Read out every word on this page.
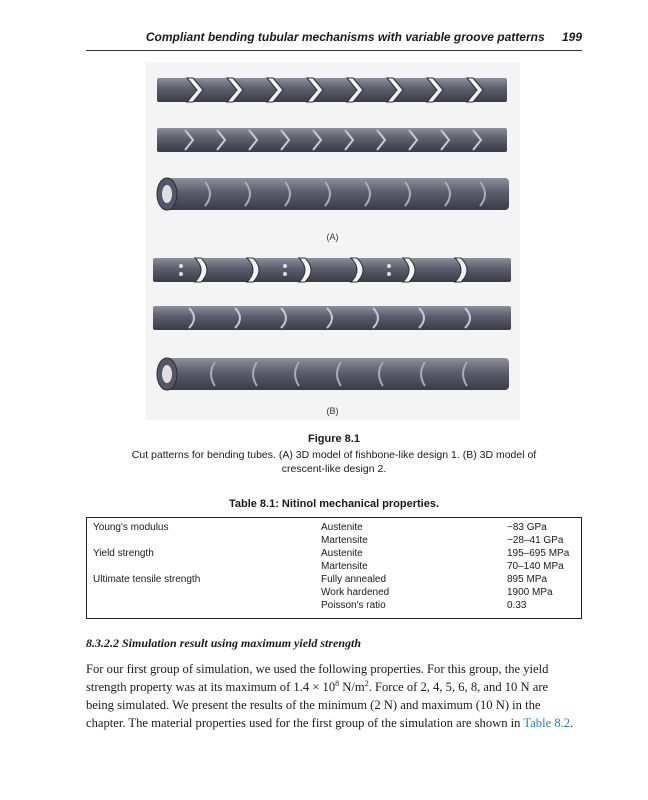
Compliant bending tubular mechanisms with variable groove patterns 199
(A)
(B)
Figure 8.1
Cut patterns for bending tubes. (A) 3D model of fishbone-like design 1. (B) 3D model of
crescent-like design 2.
Table 8.1: Nitinol mechanical properties.
Young's modulus
Yield strength
Ultimate tensile strength
Austenite
Martensite
Austenite
Martensite
Fully annealed
Work hardened
Poisson's ratio
~83 GPa
~28–41 GPa
195–695 MPa
70–140 MPa
895 MPa
1900 MPa
0.33
8.3.2.2 Simulation result using maximum yield strength
For our first group of simulation, we used the following properties. For this group, the yield
strength property was at its maximum of $1.4 \times 10^8$ $N/m^2$. Force of 2, 4, 5, 6, 8, and 10 N are
being simulated. We present the results of the minimum (2 N) and maximum (10 N) in the
chapter. The material properties used for the first group of the simulation are shown in Table 8.2.
